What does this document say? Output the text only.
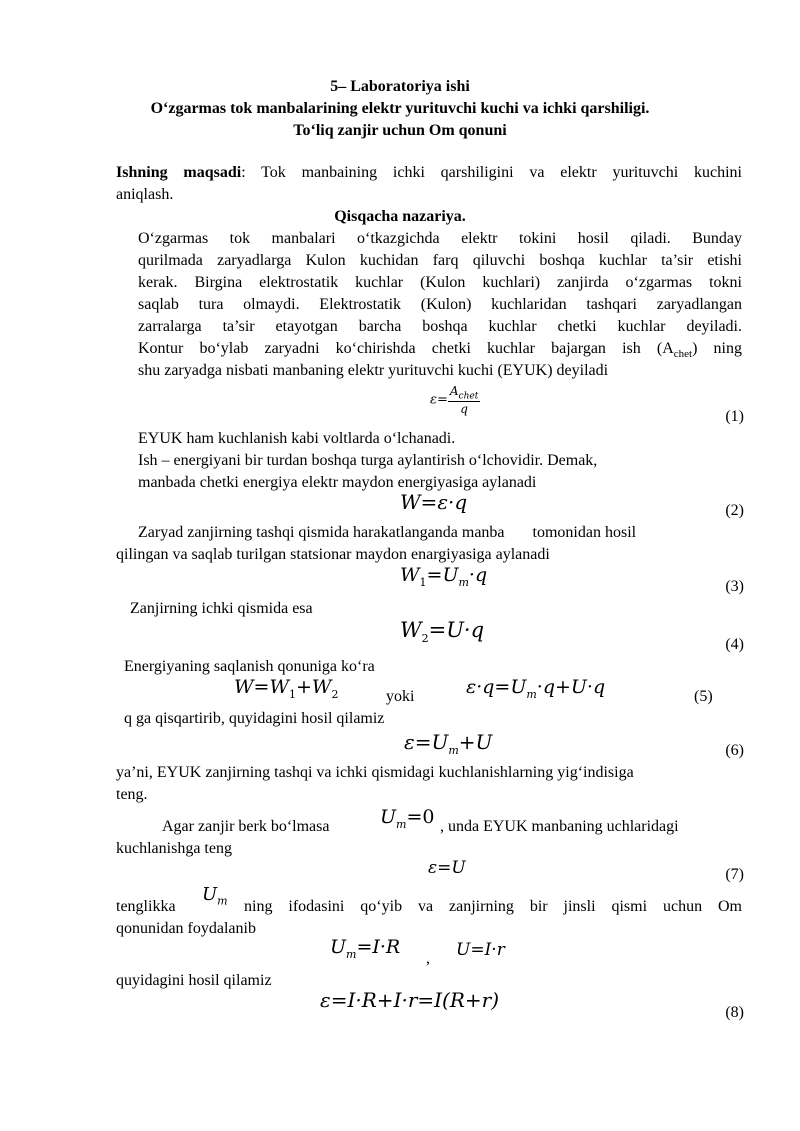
5– Laboratoriya ishi
O‘zgarmas tok manbalarining elektr yurituvchi kuchi va ichki qarshiligi.
To‘liq zanjir uchun Om qonuni
Ishning maqsadi: Tok manbaining ichki qarshiligini va elektr yurituvchi kuchini
aniqlash.
Qisqacha nazariya.
O‘zgarmas tok manbalari o‘tkazgichda elektr tokini hosil qiladi. Bunday
qurilmada zaryadlarga Kulon kuchidan farq qiluvchi boshqa kuchlar ta’sir etishi
kerak. Birgina elektrostatik kuchlar (Kulon kuchlari) zanjirda o‘zgarmas tokni
saqlab tura olmaydi. Elektrostatik (Kulon) kuchlaridan tashqari zaryadlangan
zarralarga ta’sir etayotgan barcha boshqa kuchlar chetki kuchlar deyiladi.
Kontur bo‘ylab zaryadni ko‘chirishda chetki kuchlar bajargan ish $(A_{chet})$ ning
shu zaryadga nisbati manbaning elektr yurituvchi kuchi (EYUK) deyiladi
$\varepsilon= \frac{A_{chet}}{q}$
(1)
EYUK ham kuchlanish kabi voltlarda o‘lchanadi.
Ish – energiyani bir turdan boshqa turga aylantirish o‘lchovidir. Demak,
manbada chetki energiya elektr maydon energiyasiga aylanadi
W=ε·q	(2)
Zaryad zanjirning tashqi qismida harakatlanganda manba       tomonidan hosil
qilingan va saqlab turilgan statsionar maydon enargiyasiga aylanadi
$W_1=U_m\cdot q$
(3)
Zanjirning ichki qismida esa
$W_2=U\cdot q$
(4)
Energiyaning saqlanish qonuniga ko‘ra
$W=W_1+W_2$	yoki	$\varepsilon\cdot q=U_m\cdot q+U\cdot q$	(5)
q ga qisqartirib, quyidagini hosil qilamiz
$\varepsilon=U_m+U$	(6)
ya’ni, EYUK zanjirning tashqi va ichki qismidagi kuchlanishlarning yig‘indisiga
teng.
Agar zanjir berk bo‘lmasa	$U_m=0$ , unda EYUK manbaning uchlaridagi
kuchlanishga teng
ε=U	(7)
tenglikka
$U_m$ ning ifodasini qo‘yib va zanjirning bir jinsli qismi uchun Om
qonunidan foydalanib
$U_m=I\cdot R$
, U=I·r
quyidagini hosil qilamiz
ε=I·R+I·r=I(R+r)
(8)
